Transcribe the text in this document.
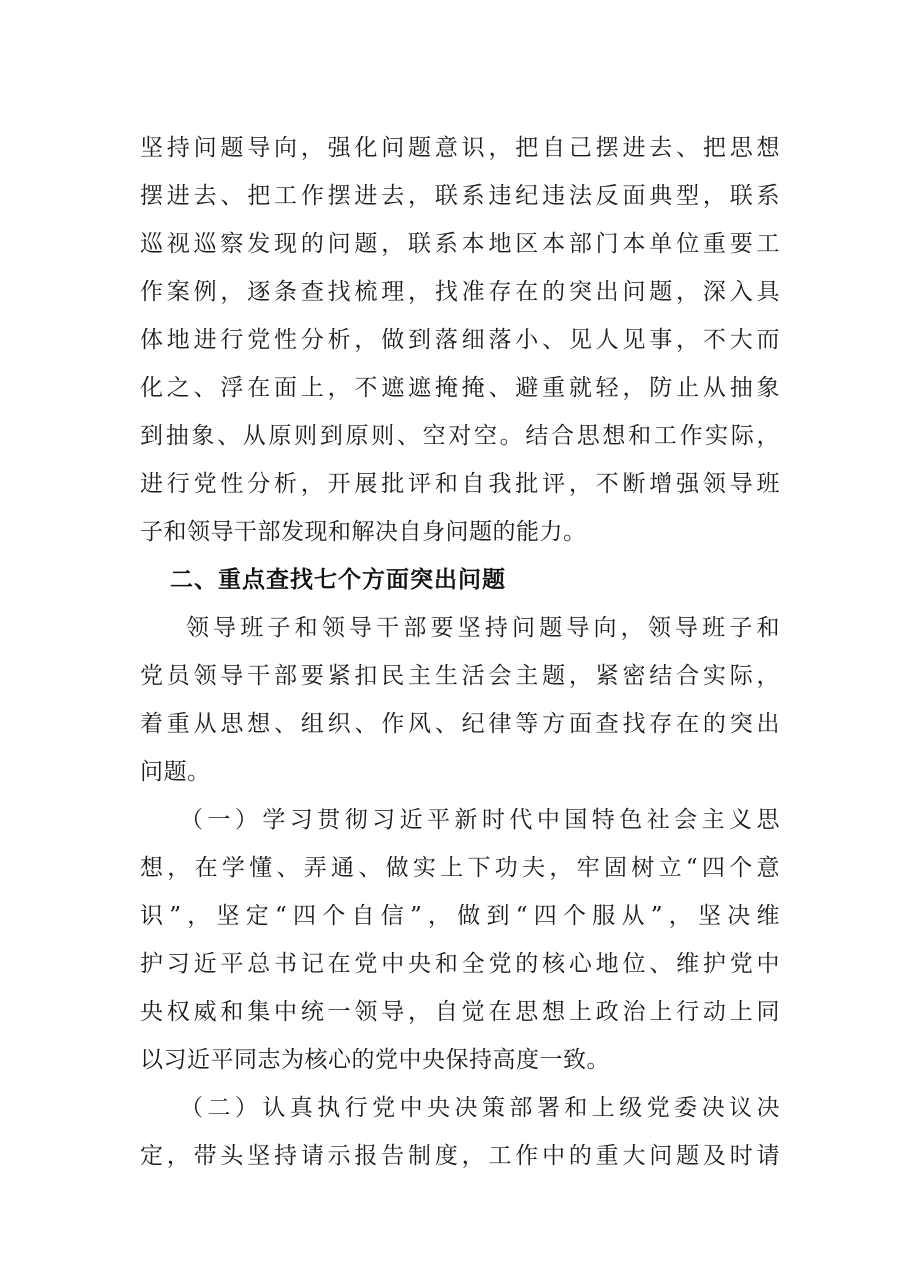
坚持问题导向，强化问题意识，把自己摆进去、把思想
摆进去、把工作摆进去，联系违纪违法反面典型，联系
巡视巡察发现的问题，联系本地区本部门本单位重要工
作案例，逐条查找梳理，找准存在的突出问题，深入具
体地进行党性分析，做到落细落小、见人见事，不大而
化之、浮在面上，不遮遮掩掩、避重就轻，防止从抽象
到抽象、从原则到原则、空对空。结合思想和工作实际，
进行党性分析，开展批评和自我批评，不断增强领导班
子和领导干部发现和解决自身问题的能力。
二、重点查找七个方面突出问题
领导班子和领导干部要坚持问题导向，领导班子和
党员领导干部要紧扣民主生活会主题，紧密结合实际，
着重从思想、组织、作风、纪律等方面查找存在的突出
问题。
（一）学习贯彻习近平新时代中国特色社会主义思
想，在学懂、弄通、做实上下功夫，牢固树立“四个意
识”，坚定“四个自信”，做到“四个服从”，坚决维
护习近平总书记在党中央和全党的核心地位、维护党中
央权威和集中统一领导，自觉在思想上政治上行动上同
以习近平同志为核心的党中央保持高度一致。
（二）认真执行党中央决策部署和上级党委决议决
定，带头坚持请示报告制度，工作中的重大问题及时请
